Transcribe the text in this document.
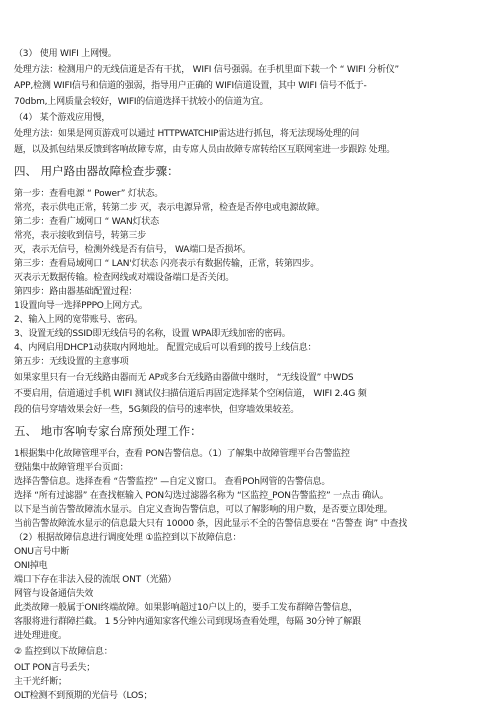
（3） 使用 WIFI 上网慢。
处理方法：检测用户的无线信道是否有干扰， WIFI 信号强弱。在手机里面下载一个 “ WIFI 分析仪”
APP,检测 WIFI信号和信道的强弱，指导用户正确的 WIFI信道设置，其中 WIFI 信号不低于-
70dbm,上网质量会较好，WIFI的信道选择干扰较小的信道为宜。
（4） 某个游戏应用慢，
处理方法：如果是网页游戏可以通过 HTTPWATCHIP雷达进行抓包，将无法现场处理的问
题，以及抓包结果反馈到客响故障专席，由专席人员由故障专席转给区互联网室进一步跟踪 处理。
四、 用户路由器故障检查步骤：
第一步：查看电源 “ Power” 灯状态。
常亮，表示供电正常，转第二步 灭，表示电源异常，检查是否停电或电源故障。
第二步：查看广域网口 “ WAN灯状态
常亮，表示接收到信号，转第三步
灭，表示无信号，检测外线是否有信号， WA端口是否损坏。
第三步：查看局域网口 “ LAN'灯状态 闪亮表示有数据传输，正常，转第四步。
灭表示无数据传输。检查网线或对端设备端口是否关闭。
第四步：路由器基础配置过程：
1设置向导一选择PPPO上网方式。
2、输入上网的宽带账号、密码。
3、设置无线的SSID即无线信号的名称，设置 WPA即无线加密的密码。
4、内网启用DHCP1动获取内网地址。 配置完成后可以看到的拨号上线信息：
第五步：无线设置的主意事项
如果家里只有一台无线路由器而无 AP或多台无线路由器做中继时， “无线设置” 中WDS
不要启用，信道通过手机 WIFI 测试仪扫描信道后再固定选择某个空闲信道， WIFI 2.4G 频
段的信号穿墙效果会好一些，5G频段的信号的速率快，但穿墙效果较差。
五、 地市客响专家台席预处理工作：
1根据集中化故障管理平台，查看 PON告警信息。（1）了解集中故障管理平台告警监控
登陆集中故障管理平台页面：
选择告警信息。选择查看 “告警监控” —自定义窗口。 查看POh网管的告警信息。
选择 “所有过滤器” 在查找框输入 PON勾选过滤器名称为 “区监控_PON告警监控” 一点击 确认。
以下是当前告警故障流水显示。自定义查询告警信息，可以了解影响的用户数，是否要立即处理。
当前告警故障流水显示的信息最大只有 10000 条，因此显示不全的告警信息要在 “告警查 询” 中查找
（2）根据故障信息进行调度处理 ①监控到以下故障信息：
ONU言号中断
ONI掉电
端口下存在非法入侵的流氓 ONT（光猫）
网管与设备通信失效
此类故障一般属于ONI终端故障。如果影响超过10户以上的，要手工发布群障告警信息，
客服将进行群障拦截。 1 5分钟内通知家客代维公司到现场查看处理，每隔 30分钟了解跟
进处理进度。
② 监控到以下故障信息：
OLT PON言号丢失；
主干光纤断；
OLT检测不到预期的光信号（LOS；
